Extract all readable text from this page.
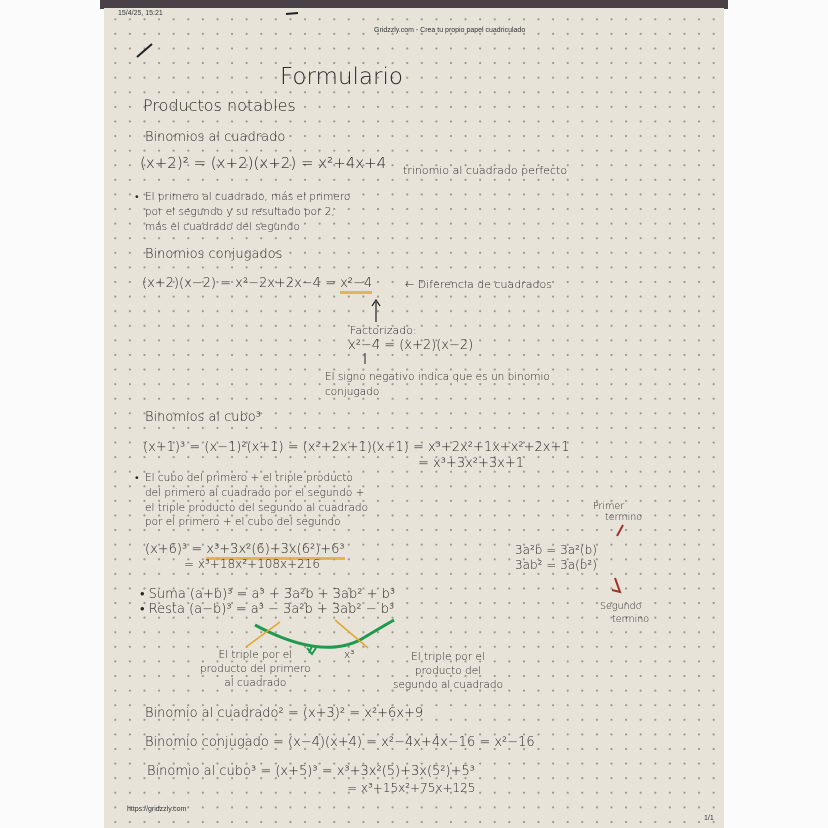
15/4/25, 15:21
Gridzzly.com - Crea tu propio papel cuadriculado
Formulario
Productos notables
Binomios al cuadrado
(x+2)² = (x+2)(x+2) = x²+4x+4 trinomio al cuadrado perfecto
• El primero al cuadrado, más el primero
por el segundo y su resultado por 2,
más el cuadrado del segundo
Binomios conjugados
(x+2)(x−2) = x²−2x+2x−4 = x²−4	← Diferencia de cuadrados
Factorizado:
x²−4 = (x+2)(x−2)
El signo negativo indica que es un binomio
conjugado
Binomios al cubo³
(x+1)³ = (x−1)²(x+1) = (x²+2x+1)(x+1) = x³+2x²+1x+x²+2x+1
= x³+3x²+3x+1
• El cubo del primero + el triple producto
del primero al cuadrado por el segundo +
el triple producto del segundo al cuadrado
por el primero + el cubo del segundo
Primer
termino
(x+6)³ = x³+3x²(6)+3x(6²)+6³
= x³+18x²+108x+216
3a²b = 3a²(b)
3ab² = 3a(b²)
Segundo
termino
• Suma (a+b)³ = a³ + 3a²b + 3ab² + b³
• Resta (a−b)³ = a³ − 3a²b + 3ab² − b³
El triple por el
producto del primero
al cuadrado
x³	El triple por el
producto del
segundo al cuadrado
Binomio al cuadrado² = (x+3)² = x²+6x+9
Binomio conjugado = (x−4)(x+4) = x²−4x+4x−16 = x²−16
Binomio al cubo³ = (x+5)³ = x³+3x²(5)+3x(5²)+5³
= x³+15x²+75x+125
https://gridzzly.com
1/1
